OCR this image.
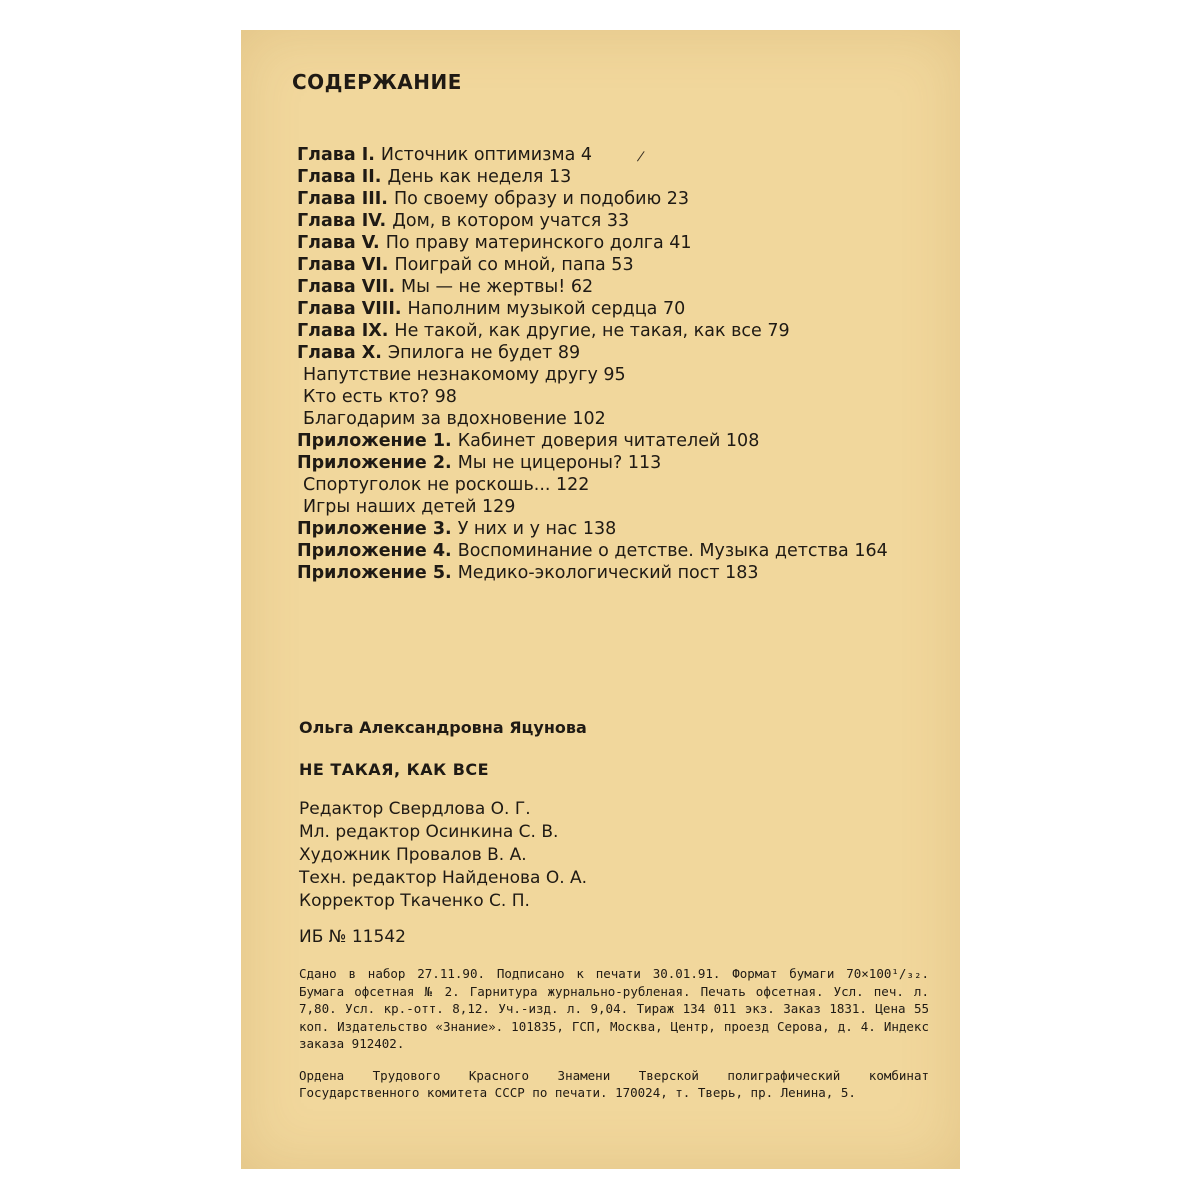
СОДЕРЖАНИЕ
Глава I. Источник оптимизма 4
Глава II. День как неделя 13
Глава III. По своему образу и подобию 23
Глава IV. Дом, в котором учатся 33
Глава V. По праву материнского долга 41
Глава VI. Поиграй со мной, папа 53
Глава VII. Мы — не жертвы! 62
Глава VIII. Наполним музыкой сердца 70
Глава IX. Не такой, как другие, не такая, как все 79
Глава X. Эпилога не будет 89
Напутствие незнакомому другу 95
Кто есть кто? 98
Благодарим за вдохновение 102
Приложение 1. Кабинет доверия читателей 108
Приложение 2. Мы не цицероны? 113
Спортуголок не роскошь... 122
Игры наших детей 129
Приложение 3. У них и у нас 138
Приложение 4. Воспоминание о детстве. Музыка детства 164
Приложение 5. Медико-экологический пост 183
Ольга Александровна Яцунова
НЕ ТАКАЯ, КАК ВСЕ
Редактор Свердлова О. Г.
Мл. редактор Осинкина С. В.
Художник Провалов В. А.
Техн. редактор Найденова О. А.
Корректор Ткаченко С. П.
ИБ № 11542
Сдано в набор 27.11.90. Подписано к печати 30.01.91. Формат бумаги 70×100¹/₃₂. Бумага офсетная № 2. Гарнитура журнально-рубленая. Печать офсетная. Усл. печ. л. 7,80. Усл. кр.-отт. 8,12. Уч.-изд. л. 9,04. Тираж 134 011 экз. Заказ 1831. Цена 55 коп. Издательство «Знание». 101835, ГСП, Москва, Центр, проезд Серова, д. 4. Индекс заказа 912402.
Ордена Трудового Красного Знамени Тверской полиграфический комбинат Государственного комитета СССР по печати. 170024, т. Тверь, пр. Ленина, 5.
